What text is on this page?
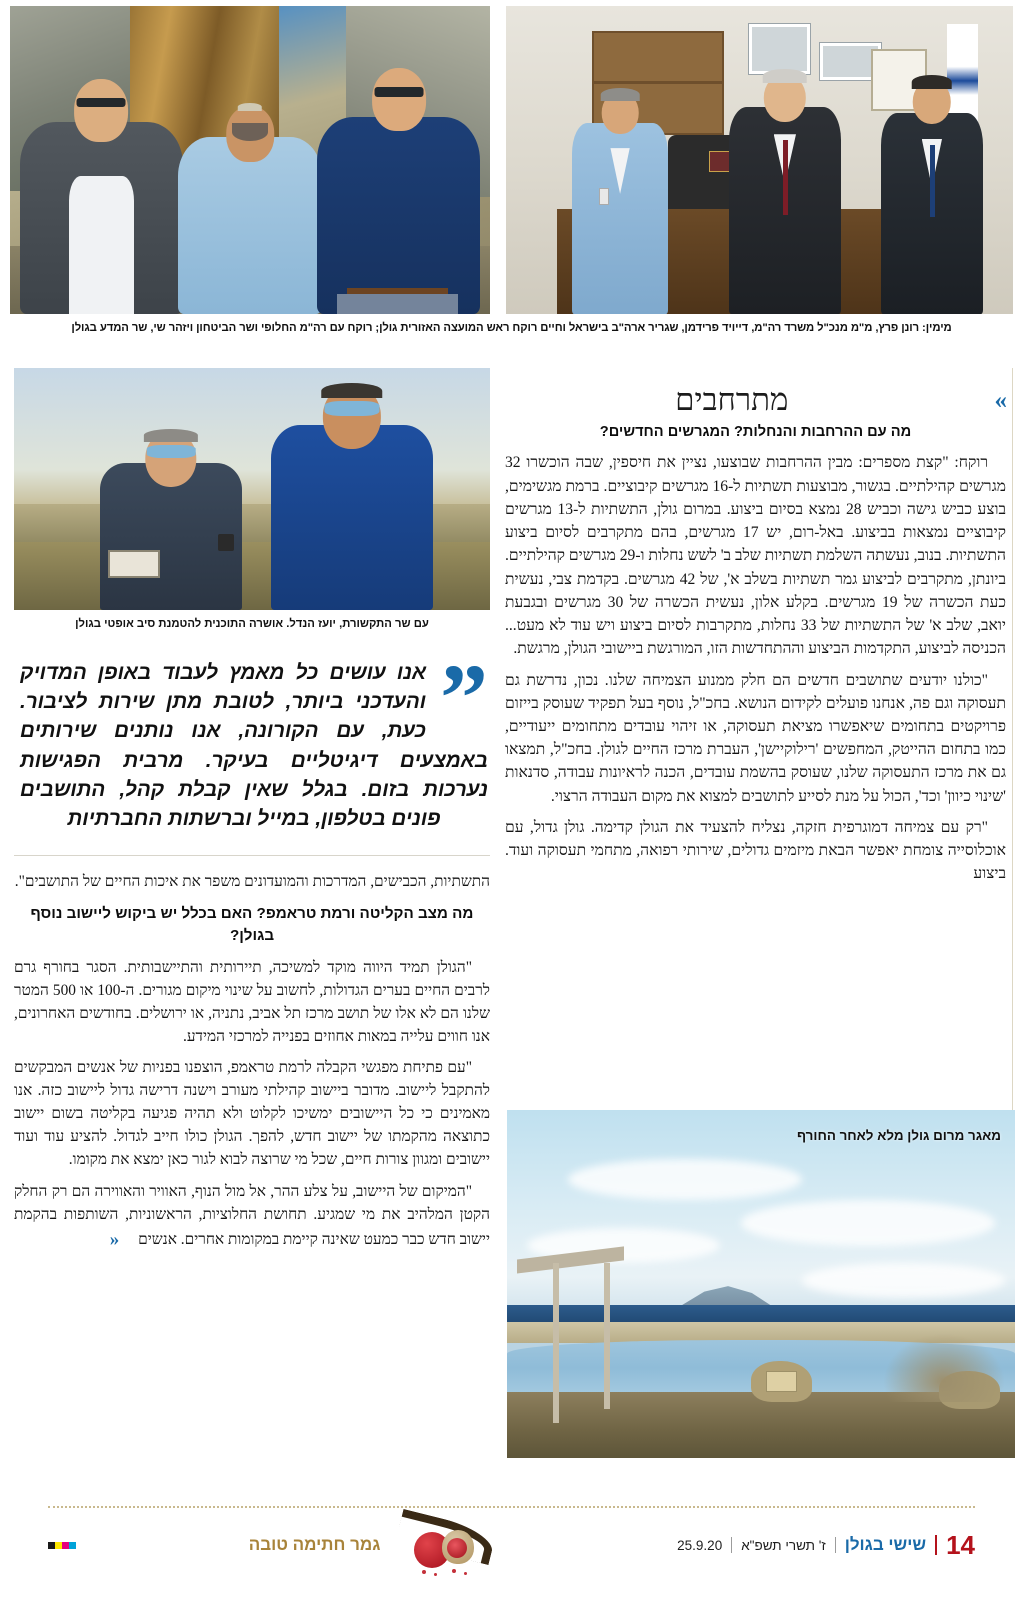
מימין: רונן פרץ, מ"מ מנכ"ל משרד רה"מ, דייויד פרידמן, שגריר ארה"ב בישראל וחיים רוקח ראש המועצה האזורית גולן; רוקח עם רה"מ החלופי ושר הביטחון ויזהר שי, שר המדע בגולן
עם שר התקשורת, יועז הנדל. אושרה התוכנית להטמנת סיב אופטי בגולן
”
אנו עושים כל מאמץ לעבוד באופן המדויק והעדכני ביותר, לטובת מתן שירות לציבור. כעת, עם הקורונה, אנו נותנים שירותים באמצעים דיגיטליים בעיקר. מרבית הפגישות נערכות בזום. בגלל שאין קבלת קהל, התושבים פונים בטלפון, במייל וברשתות החברתיות

התשתיות, הכבישים, המדרכות והמועדונים משפר את איכות החיים של התושבים".

מה מצב הקליטה ורמת טראמפ? האם בכלל יש ביקוש ליישוב נוסף בגולן?

"הגולן תמיד היווה מוקד למשיכה, תיירותית והתיישבותית. הסגר בחורף גרם לרבים החיים בערים הגדולות, לחשוב על שינוי מיקום מגורים. ה-100 או 500 המטר שלנו הם לא אלו של תושב מרכז תל אביב, נתניה, או ירושלים. בחודשים האחרונים, אנו חווים עלייה במאות אחוזים בפנייה למרכזי המידע.

"עם פתיחת מפגשי הקבלה לרמת טראמפ, הוצפנו בפניות של אנשים המבקשים להתקבל ליישוב. מדובר ביישוב קהילתי מעורב וישנה דרישה גדול ליישוב כזה. אנו מאמינים כי כל היישובים ימשיכו לקלוט ולא תהיה פגיעה בקליטה בשום יישוב כתוצאה מהקמתו של יישוב חדש, להפך. הגולן כולו חייב לגדול. להציע עוד ועוד יישובים ומגוון צורות חיים, שכל מי שרוצה לבוא לגור כאן ימצא את מקומו.

"המיקום של היישוב, על צלע ההר, אל מול הנוף, האוויר והאווירה הם רק החלק הקטן המלהיב את מי שמגיע. תחושת החלוציות, הראשוניות, השותפות בהקמת יישוב חדש כבר כמעט שאינה קיימת במקומות אחרים. אנשים «

»
מתרחבים
מה עם ההרחבות והנחלות? המגרשים החדשים?

רוקח: "קצת מספרים: מבין ההרחבות שבוצעו, נציין את חיספין, שבה הוכשרו 32 מגרשים קהילתיים. בגשור, מבוצעות תשתיות ל-16 מגרשים קיבוציים. ברמת מגשימים, בוצע כביש גישה וכביש 28 נמצא בסיום ביצוע. במרום גולן, התשתיות ל-13 מגרשים קיבוציים נמצאות בביצוע. באל-רום, יש 17 מגרשים, בהם מתקרבים לסיום ביצוע התשתיות. בנוב, נעשתה השלמת תשתיות שלב ב' לשש נחלות ו-29 מגרשים קהילתיים. ביונתן, מתקרבים לביצוע גמר תשתיות בשלב א', של 42 מגרשים. בקדמת צבי, נעשית כעת הכשרה של 19 מגרשים. בקלע אלון, נעשית הכשרה של 30 מגרשים ובגבעת יואב, שלב א' של התשתיות של 33 נחלות, מתקרבות לסיום ביצוע ויש עוד לא מעט... הכניסה לביצוע, התקדמות הביצוע וההתחדשות הזו, המורגשת ביישובי הגולן, מרגשת.

"כולנו יודעים שתושבים חדשים הם חלק ממנוע הצמיחה שלנו. נכון, נדרשת גם תעסוקה וגם פה, אנחנו פועלים לקידום הנושא. בחכ"ל, נוסף בעל תפקיד שעוסק בייזום פרויקטים בתחומים שיאפשרו מציאת תעסוקה, או זיהוי עובדים מתחומים ייעודיים, כמו בתחום ההייטק, המחפשים 'רילוקיישן', העברת מרכז החיים לגולן. בחכ"ל, תמצאו גם את מרכז התעסוקה שלנו, שעוסק בהשמת עובדים, הכנה לראיונות עבודה, סדנאות 'שינוי כיוון' וכד', הכול על מנת לסייע לתושבים למצוא את מקום העבודה הרצוי.

"רק עם צמיחה דמוגרפית חזקה, נצליח להצעיד את הגולן קדימה. גולן גדול, עם אוכלוסייה צומחת יאפשר הבאת מיזמים גדולים, שירותי רפואה, מתחמי תעסוקה ועוד. ביצוע

מאגר מרום גולן מלא לאחר החורף
14
שישי בגולן
ז' תשרי תשפ"א
25.9.20
גמר חתימה טובה
